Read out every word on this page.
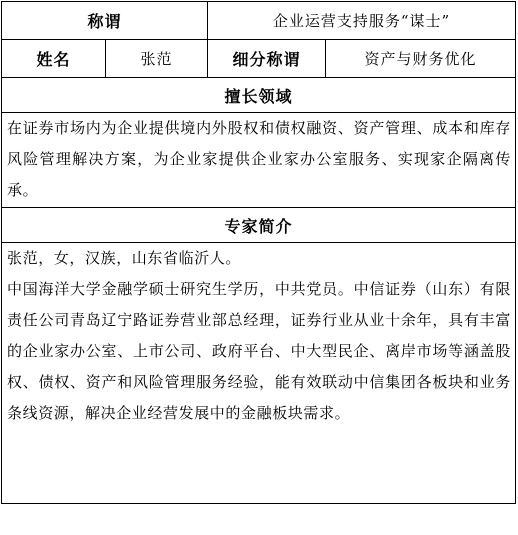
称谓		企业运营支持服务“谋士”	
姓名	张范	细分称谓	资产与财务优化
擅长领域			

在证券市场内为企业提供境内外股权和债权融资、资产管理、成本和库存风险管理解决方案，为企业家提供企业家办公室服务、实现家企隔离传承。			

专家简介			

张范，女，汉族，山东省临沂人。

中国海洋大学金融学硕士研究生学历，中共党员。中信证券（山东）有限责任公司青岛辽宁路证券营业部总经理，证券行业从业十余年，具有丰富的企业家办公室、上市公司、政府平台、中大型民企、离岸市场等涵盖股权、债权、资产和风险管理服务经验，能有效联动中信集团各板块和业务条线资源，解决企业经营发展中的金融板块需求。			
